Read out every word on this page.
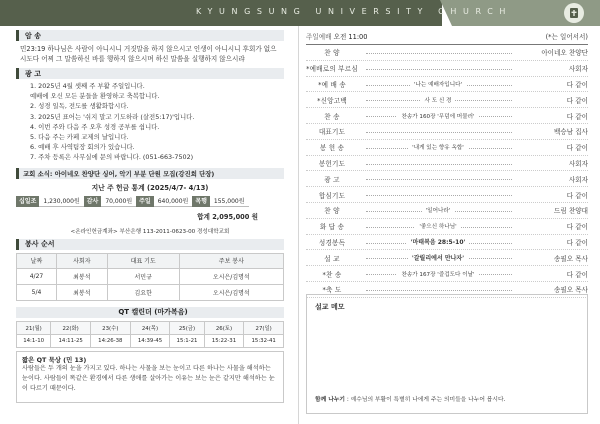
KYUNGSUNG UNIVERSITY CHURCH
암 송
민23:19 하나님은 사람이 아니시니 거짓말을 하지 않으시고 인생이 아니시니 후회가 없으시도다 어찌 그 말씀하신 바를 행하지 않으시며 하신 말씀을 실행하지 않으시랴
광 고
1. 2025년 4월 셋째 주 부활 주일입니다.
예배에 오신 모든 분들을 환영하고 축복합니다.
2. 성경 일독, 전도를 생활화합시다.
3. 2025년 표어는 '쉬지 말고 기도하라 (살전5:17)'입니다.
4. 이번 주와 다음 주 오후 성경 공부를 쉽니다.
5. 다음 주는 카페 교제의 날입니다.
6. 예배 후 사역팀장 회의가 있습니다.
7. 주차 등록은 사무실에 문의 바랍니다. (051-663-7502)
교회 소식: 아이네오 찬양단 싱어, 악기 부분 단원 모집(강진희 단장)
지난 주 헌금 통계 (2025/4/7- 4/13)
십일조	1,230,000원	감사	70,000원	주일	640,000원	목행	155,000원
합계 2,095,000 원
<온라인헌금계좌> 부산은행 113-2011-0623-00 경성대학교회
봉사 순서
날짜	사회자	대표 기도	주보 봉사
4/27	최봉석	서민규	오시은/김명석
5/4	최봉석	김요한	오시은/김명석
QT 캘린더 (마가복음)
21(월)	22(화)	23(수)	24(목)	25(금)	26(토)	27(일)
14:1-10	14:11-25	14:26-38	14:39-45	15:1-21	15:22-31	15:32-41
짧은 QT 묵상 (민 13)
사람들은 두 개의 눈을 가지고 있다. 하나는 사물을 보는 눈이고 다른 하나는 사물을 해석하는 눈이다. 사람들이 똑같은 환경에서 다른 생애를 살아가는 이유는 보는 눈은 같지만 해석하는 눈이 다르기 때문이다.
주일예배 오전 11:00	(*는 일어서서)
찬 양	아이네오 찬양단
*예배로의 부르심	사회자
*예 배 송	'나는 예배자입니다'	다 같이
*신앙고백	사 도 신 경	다 같이
찬 송	찬송가 160장 '무덤에 머물러'	다 같이
대표기도	백승남 집사
봉 헌 송	'내게 있는 향유 옥합'	다 같이
봉헌기도	사회자
광 고	사회자
합심기도	다 같이
찬 양	'일어나라'	드림 찬양대
화 답 송	'좋으신 하나님'	다 같이
성경봉독	'마태복음 28:5-10'	다 같이
설 교	'갈릴리에서 만나자'	송필오 목사
*찬 송	찬송가 167장 '즐겁도다 이날'	다 같이
*축 도	송필오 목사
설교 메모
함께 나누기 : 예수님의 부활이 특별히 나에게 주는 의미들을 나누어 봅시다.
